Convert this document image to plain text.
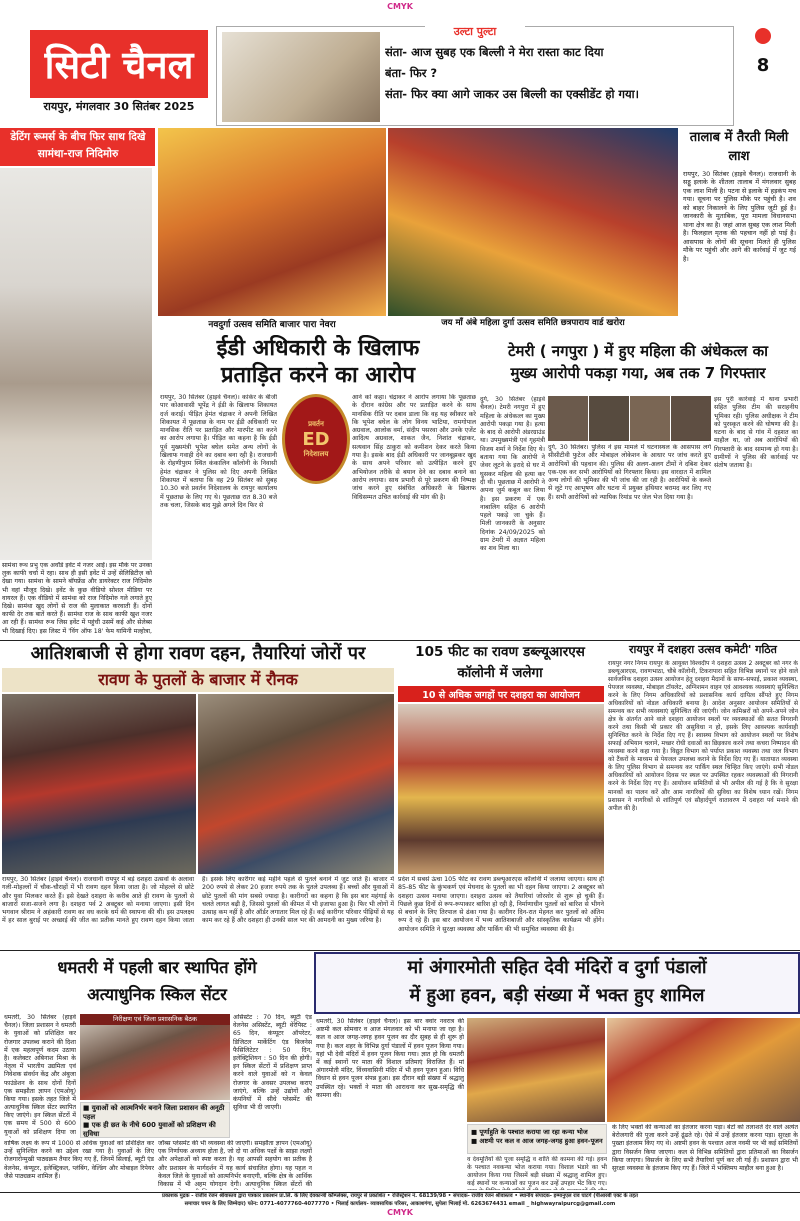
CMYK
CMYK
सिटी चैनल
रायपुर, मंगलवार 30 सितंबर 2025
8
उल्टा पुल्टा
संता- आज सुबह एक बिल्ली ने मेरा रास्ता काट दिया
बंता- फिर ?
संता- फिर क्या आगे जाकर उस बिल्ली का एक्सीडेंट हो गया।
डेटिंग रूमर्स के बीच फिर साथ दिखे सामंथा-राज निदिमोरु
सामंथा रूथ प्रभु एक अवॉर्ड इवेंट में नजर आईं। इस मौके पर उनका लुक काफी चर्चा में रहा। साथ ही इसी इवेंट में उन्हें सेलिब्रिटीज़ को देखा गया। सामंथा के सामने बॉयफ्रेंड और डायरेक्टर राज निदिमोरु भी वहां मौजूद दिखे। इवेंट के कुछ वीडियो सोशल मीडिया पर वायरल हैं। एक वीडियो में सामंथा को राज निदिमोरु गले लगाते हुए दिखे। सामंथा खुद लोगों से राज की मुलाकात करवाती हैं। दोनों काफी देर तक बातें करते हैं। सामंथा राज के साथ काफी खुश नजर आ रही हैं। सामंथा रूथ जिस इवेंट में पहुंची उसमें कई और सेलेब्स भी दिखाई दिए। इस लिस्ट में 'विंग ऑफ 18' फेम यामिनी मल्होत्रा,
नवदुर्गा उत्सव समिति बाजार पारा नेवरा	जय माँ अंबे महिला दुर्गा उत्सव समिति छत्रपाराय वार्ड खरोरा
तालाब में तैरती मिली लाश
रायपुर, 30 सितंबर (हाइवे चैनल)। राजधानी के सड्डू इलाके के शीतला तालाब में मंगलवार सुबह एक लाश मिली है। पटना से इलाके में हड़कंप मच गया। सूचना पर पुलिस मौके पर पहुंची है। शव को बाहर निकालने के लिए पुलिस जुटी हुई है। जानकारी के मुताबिक, पूरा मामला विधानसभा थाना क्षेत्र का है। जहां आज सुबह एक लाश मिली है। फिलहाल मृतक की पहचान नहीं हो पाई है। आसपास के लोगों की सूचना मिलते ही पुलिस मौके पर पहुंची और आगे की कार्रवाई में जुट गई है।
ईडी अधिकारी के खिलाफ
प्रताड़ित करने का आरोप
रायपुर, 30 सितंबर (हाइवे चैनल)। कांकेर के बीजी पार कोआवासी भूपेंद्र ने ईडी के खिलाफ शिकायत दर्ज कराई। पीड़ित हेमंत चंद्राकर ने अपनी लिखित शिकायत में पूछताछ के नाम पर ईडी अधिकारी पर मानसिक रीति पर प्रताड़ित और मारपीट का करने का आरोप लगाया है। पीड़ित का कहना है कि ईडी पूर्व मुख्यमंत्री भूपेश बघेल समेत अन्य लोगों के खिलाफ गवाही देने का दबाव बना रही है। राजधानी के रोहणीपुरम स्थित कंकालिन कॉलोनी के निवासी हेमंत चंद्राकर ने पुलिस को दिए अपनी लिखित शिकायत में बताया कि वह 29 सितंबर को सुबह 10.30 बजे प्रवर्तन निदेशालय के रायपुर कार्यालय में पूछताछ के लिए गए थे। पूछताछ रात 8.30 बजे तक चला, जिसके बाद मुझे अगले दिन फिर से
प्रवर्तन
ED
निदेशालय
आने को कहा। चंद्राकर ने आरोप लगाया कि पूछताछ के दौरान कांग्रेस और पर प्रताड़ित करने के साथ मानसिक रीति पर दबाव डाला कि वह यह स्वीकार करे कि भूपेश बघेल के लोग विनय भाटिया, रामगोपाल अग्रवाल, आलोक वर्मा, संदीप पसरवा और उनके एजेंट आदित्य अग्रवाल, शाकत जैन, निशांत चंद्राकर, सत्यवान सिंह ठाकुरा को कमीशन देकर करते किया गया है। इसके बाद ईडी अधिकारी पर जानबूझकर खुद के साथ अपने परिवार को उत्पीड़ित करने हुए अभियोजन तरीके से बयान देने का दबाव बनाने का आरोप लगाया। साथ प्रभारी से पूरे प्रकरण की निष्पक्ष जांच करने हुए संबंधित अधिकारी के खिलाफ विधिसम्मत उचित कार्रवाई की मांग की है।
टेमरी ( नगपुरा ) में हुए महिला की अंधेकत्ल का
मुख्य आरोपी पकड़ा गया, अब तक 7 गिरफ्तार
दुर्ग, 30 सितंबर (हाइवे चैनल)। टेमरी नगपुरा में हुए महिला के अंधेकत्ल का मुख्य आरोपी पकड़ा गया है। हत्या के बाद से आरोपी अंडरग्राउंड था। उपमुख्यमंत्री एवं गृहमंत्री विजय शर्मा ने निर्देश दिए थे। बताया गया कि आरोपी ने जेवर लूटने के इरादे से घर में घुसकर महिला की हत्या कर दी थी। पूछताछ में आरोपी ने अपना जुर्म कबूल कर लिया है। इस प्रकरण में एक नाबालिग सहित 6 आरोपी पहले पकड़े जा चुके हैं। मिली जानकारी के अनुसार दिनांक 24/09/2025 को ग्राम टेमरी में अज्ञात महिला का शव मिला था।
दुर्ग, 30 सितंबर। पुलिस ने इस मामले में घटनास्थल के आसपास लगे सीसीटीवी फुटेज और मोबाइल लोकेशन के आधार पर जांच करते हुए आरोपियों की पहचान की। पुलिस की अलग-अलग टीमों ने दबिश देकर एक-एक कर सभी आरोपियों को गिरफ्तार किया। इस वारदात में शामिल अन्य लोगों की भूमिका की भी जांच की जा रही है। आरोपियों के कब्जे से लूटे गए आभूषण और घटना में प्रयुक्त हथियार बरामद कर लिए गए हैं। सभी आरोपियों को न्यायिक रिमांड पर जेल भेज दिया गया है।
इस पूरी कार्रवाई में थाना प्रभारी सहित पुलिस टीम की सराहनीय भूमिका रही। पुलिस अधीक्षक ने टीम को पुरस्कृत करने की घोषणा की है। घटना के बाद से गांव में दहशत का माहौल था, जो अब आरोपियों की गिरफ्तारी के बाद सामान्य हो गया है। ग्रामीणों ने पुलिस की कार्रवाई पर संतोष जताया है।
आतिशबाजी से होगा रावण दहन, तैयारियां जोरों पर
रावण के पुतलों के बाजार में रौनक
रायपुर, 30 सितंबर (हाइवे चैनल)। राजधानी रायपुर में बड़े दशहरा उत्सवों के अलावा गली-मोहल्लों में चौक-चौराहों में भी रावण दहन किया जाता है। जो मोहल्ले से छोटे और युवा मिलकर करते हैं। इसे देखते दशहरा के करीब आते ही रावण के पुतलों से बाजारों सजा-सजने लगा है। दशहरा पर्व 2 अक्टूबर को मनाया जाएगा। इसी दिन भगवान श्रीराम ने अहंकारी रावण का वध करके धर्म की स्थापना की थी। इस उपलक्ष्य में हर साल बुराई पर अच्छाई की जीत का प्रतीक मानते हुए रावण दहन किया जाता है। इसके लिए कारीगर कई महीने पहले से पुतले बनाने में जुट जाते हैं। बाजार में 200 रुपये से लेकर 20 हजार रुपये तक के पुतले उपलब्ध हैं। बच्चों और युवाओं में छोटे पुतलों की मांग सबसे ज्यादा है। कारीगरों का कहना है कि इस बार महंगाई के चलते लागत बढ़ी है, जिससे पुतलों की कीमत में भी इजाफा हुआ है। फिर भी लोगों में उत्साह कम नहीं है और ऑर्डर लगातार मिल रहे हैं। कई कारीगर परिवार पीढ़ियों से यह काम कर रहे हैं और दशहरा ही उनकी साल भर की आमदनी का मुख्य जरिया है।
105 फीट का रावण डब्ल्यूआरएस
कॉलोनी में जलेगा
10 से अधिक जगहों पर दशहरा का आयोजन
प्रदेश में सबसे ऊंचा 105 फीट का रावण डब्ल्यूआरएस कॉलोनी में जलाया जाएगा। साथ ही 85-85 फीट के कुंभकर्ण एवं मेघनाद के पुतलों का भी दहन किया जाएगा। 2 अक्टूबर को दशहरा उत्सव मनाया जाएगा। दशहरा उत्सव को तैयारियां जोरशोर से शुरू हो चुकी हैं। पिछले कुछ दिनों से रूप-रूपाकार बारिश हो रही है, निर्माणाधीन पुतलों को बारिश से भीगने से बचाने के लिए तिरपाल से ढंका गया है। कारीगर दिन-रात मेहनत कर पुतलों को अंतिम रूप दे रहे हैं। इस बार आयोजन में भव्य आतिशबाजी और सांस्कृतिक कार्यक्रम भी होंगे। आयोजन समिति ने सुरक्षा व्यवस्था और पार्किंग की भी समुचित व्यवस्था की है।
रायपुर में दशहरा उत्सव कमेटी' गठित
रायपुर नगर निगम रायपुर के आयुक्त विश्वदीप ने दशहरा उत्सव 2 अक्टूबर को नगर के डब्ल्यूआरएस, रावणभाठा, चौबे कॉलोनी, टिकरापारा सहित विभिन्न स्थानों पर होने वाले सार्वजनिक दशहरा उत्सव आयोजन हेतु दशहरा मैदानों के साफ-सफाई, प्रकाश व्यवस्था, पेयजल व्यवस्था, मोबाइल टॉयलेट, अग्निशमन वाहन एवं आवश्यक व्यवस्थाएं सुनिश्चित करने के लिए निगम अधिकारियों को प्रशासनिक कार्य दायित्व सौंपते हुए निगम अधिकारियों को नोडल अधिकारी बनाया है। आदेश अनुसार आयोजन समितियों से समन्वय कर सभी व्यवस्थाएं सुनिश्चित की जाएंगी। जोन कमिश्नरों को अपने-अपने जोन क्षेत्र के अंतर्गत आने वाले दशहरा आयोजन स्थलों पर व्यवस्थाओं की सतत निगरानी करने तथा किसी भी प्रकार की असुविधा न हो, इसके लिए आवश्यक कार्यवाही सुनिश्चित करने के निर्देश दिए गए हैं। स्वास्थ्य विभाग को आयोजन स्थलों पर विशेष सफाई अभियान चलाने, मच्छर रोधी दवाओं का छिड़काव करने तथा कचरा निष्पादन की व्यवस्था करने कहा गया है। विद्युत विभाग को पर्याप्त प्रकाश व्यवस्था तथा जल विभाग को टैंकरों के माध्यम से पेयजल उपलब्ध कराने के निर्देश दिए गए हैं। यातायात व्यवस्था के लिए पुलिस विभाग से समन्वय कर पार्किंग स्थल चिन्हित किए जाएंगे। सभी नोडल अधिकारियों को आयोजन दिवस पर स्थल पर उपस्थित रहकर व्यवस्थाओं की निगरानी करने के निर्देश दिए गए हैं। आयोजन समितियों से भी अपील की गई है कि वे सुरक्षा मानकों का पालन करें और आम नागरिकों की सुविधा का विशेष ध्यान रखें। निगम प्रशासन ने नागरिकों से शांतिपूर्ण एवं सौहार्दपूर्ण वातावरण में दशहरा पर्व मनाने की अपील की है।
धमतरी में पहली बार स्थापित होंगे
अत्याधुनिक स्किल सेंटर
धमतरी, 30 सितंबर (हाइवे चैनल)। जिला प्रशासन ने धमतरी के युवाओं को प्रशिक्षित कर रोजगार उपलब्ध कराने की दिशा में एक महत्वपूर्ण कदम उठाया है। कलेक्टर अबिनाश मिश्रा के नेतृत्व में भारतीय उद्यमिता एवं निवेशक संवर्धन केंद्र और अंबुजा फाउंडेशन के साथ दोनों दिनों एक समझौता ज्ञापन (एमओयू) किया गया। इसके तहत जिले में अत्याधुनिक स्किल सेंटर स्थापित किए जाएंगे। इन स्किल सेंटरों में एक समय में 500 से 600 युवाओं को प्रशिक्षण दिया जा
निरीक्षण एवं जिला प्रशासनिक बैठक	असिस्टेंट : 70 दिन, ब्यूटी एंड वेलनेस असिस्टेंट, ब्यूटी थेरेपिस्ट : 65 दिन, कंप्यूटर ऑपरेटर, डिजिटल मार्केटिंग एंड बिजनेस फैसिलिटेटर : 50 दिन, इलेक्ट्रिशियन : 50 दिन की होगी। इन स्किल सेंटरों में प्रशिक्षण प्राप्त करने वाले युवाओं को न केवल रोजगार के अवसर उपलब्ध कराए जाएंगे, बल्कि उन्हें उद्योगों और कंपनियों में सीधे प्लेसमेंट की सुविधा भी दी जाएगी।
■ युवाओं को आत्मनिर्भर बनाने जिला प्रशासन की अनूठी पहल
■ एक ही छत के नीचे 600 युवाओं को प्रशिक्षण की सुविधा
वार्षिक लक्ष्य के रूप में 1000 से अधिक युवाओं को प्रशिक्षित कर उन्हें सुनिश्चित करने का उद्देश्य रखा गया है। युवाओं के लिए रोजगारोन्मुखी पाठ्यक्रम तैयार किए गए हैं, जिनमें सिलाई, ब्यूटी एंड वेलनेस, कंप्यूटर, इलेक्ट्रिकल, प्लंबिंग, वेल्डिंग और मोबाइल रिपेयर जैसे पाठ्यक्रम शामिल हैं।
जॉब्स प्लेसमेंट की भी व्यवस्था की जाएगी। समझौता ज्ञापन (एमओयू) एक निर्णायक अध्याय होता है, जो दो या अधिक पक्षों के साझा लक्ष्यों और अपेक्षाओं को स्पष्ट करता है। यह आपसी सहयोग का प्रतीक है और प्रशासन के मार्गदर्शन में यह कार्य संचालित होगा। यह पहल न केवल जिले के युवाओं को आत्मनिर्भर बनाएगी, बल्कि क्षेत्र के आर्थिक विकास में भी अहम योगदान देगी। अत्याधुनिक स्किल सेंटरों की
मां अंगारमोती सहित देवी मंदिरों व दुर्गा पंडालों
में हुआ हवन, बड़ी संख्या में भक्त हुए शामिल
धमतरी, 30 सितंबर (हाइवे चैनल)। इस बार क्वांर नवरात्र की अष्टमी कल सोमवार व आज मंगलवार को भी मनाया जा रहा है। कल व आज जगह-जगह हवन पूजन का दौर सुबह से ही शुरू हो गया है। कल शहर के विभिन्न दुर्गा पंडालों में हवन पूजन किया गया। यहां भी देवी मंदिरों में हवन पूजन किया गया। ज्ञात हो कि धमतरी में कई स्थानों पर माता की विशाल प्रतिमाएं विराजित हैं। मां अंगारमोती मंदिर, विंध्यवासिनी मंदिर में भी हवन पूजन हुआ। विधि विधान से हवन पूजन संपन्न हुआ। इस दौरान बड़ी संख्या में श्रद्धालु उपस्थित रहे। भक्तों ने माता की आराधना कर सुख-समृद्धि की कामना की।
■ पूर्णाहुति के पश्चात कराया जा रहा कन्या भोज
■ अष्टमी पर कल व आज जगह-जगह हुआ हवन-पूजन
व देवमूर्तियों की पूजा समृद्धि व शांति की कामना की गई। हवन के पश्चात नवकन्या भोज कराया गया। विशाल भंडारे का भी आयोजन किया गया जिसमें बड़ी संख्या में श्रद्धालु शामिल हुए। कई स्थानों पर कन्याओं का पूजन कर उन्हें उपहार भेंट किए गए।
के लिए भक्तों की कन्याओं का इंतजार करना पड़ा। बेटों को तलाशते देर वाले अत्यंत बेरोजगारी की पूजा करने उन्हें ढूंढते रहे। ऐसे में उन्हें इंतजार करना पड़ा। सुरक्षा के पुख्ता इंतजाम किए गए थे। अष्टमी हवन के पश्चात आज नवमी पर भी कई समितियों द्वारा विसर्जन किया जाएगा। कल से विभिन्न समितियों द्वारा प्रतिमाओं का विसर्जन किया जाएगा। विसर्जन के लिए सभी तैयारियां पूर्ण कर ली गई हैं। प्रशासन द्वारा भी सुरक्षा व्यवस्था के इंतजाम किए गए हैं। जिले में भक्तिमय माहौल बना हुआ है।
प्रकाशक मुद्रक - राजीव रंजन श्रीवास्तव द्वारा पत्रकार प्रकाशन प्रा.लि. के लिए देवकान्त्री कॉम्प्लेक्स, रायपुर से प्रकाशित • रजिस्ट्रेशन नं. 68139/98 • संपादक- राजीव रंजन श्रीवास्तव • स्थानीय संपादक- इम्मानुएल राव घाटगे (पीआरबी एक्ट के तहत
समाचार चयन के लिए जिम्मेदार) फोन: 0771-4077760-4077770 • भिलाई कार्यालय- व्यावसायिक परिसर, आकाशगंगा, सुपेला भिलाई मो. 6263674431 email _ highwayraipurcg@gmail.com
